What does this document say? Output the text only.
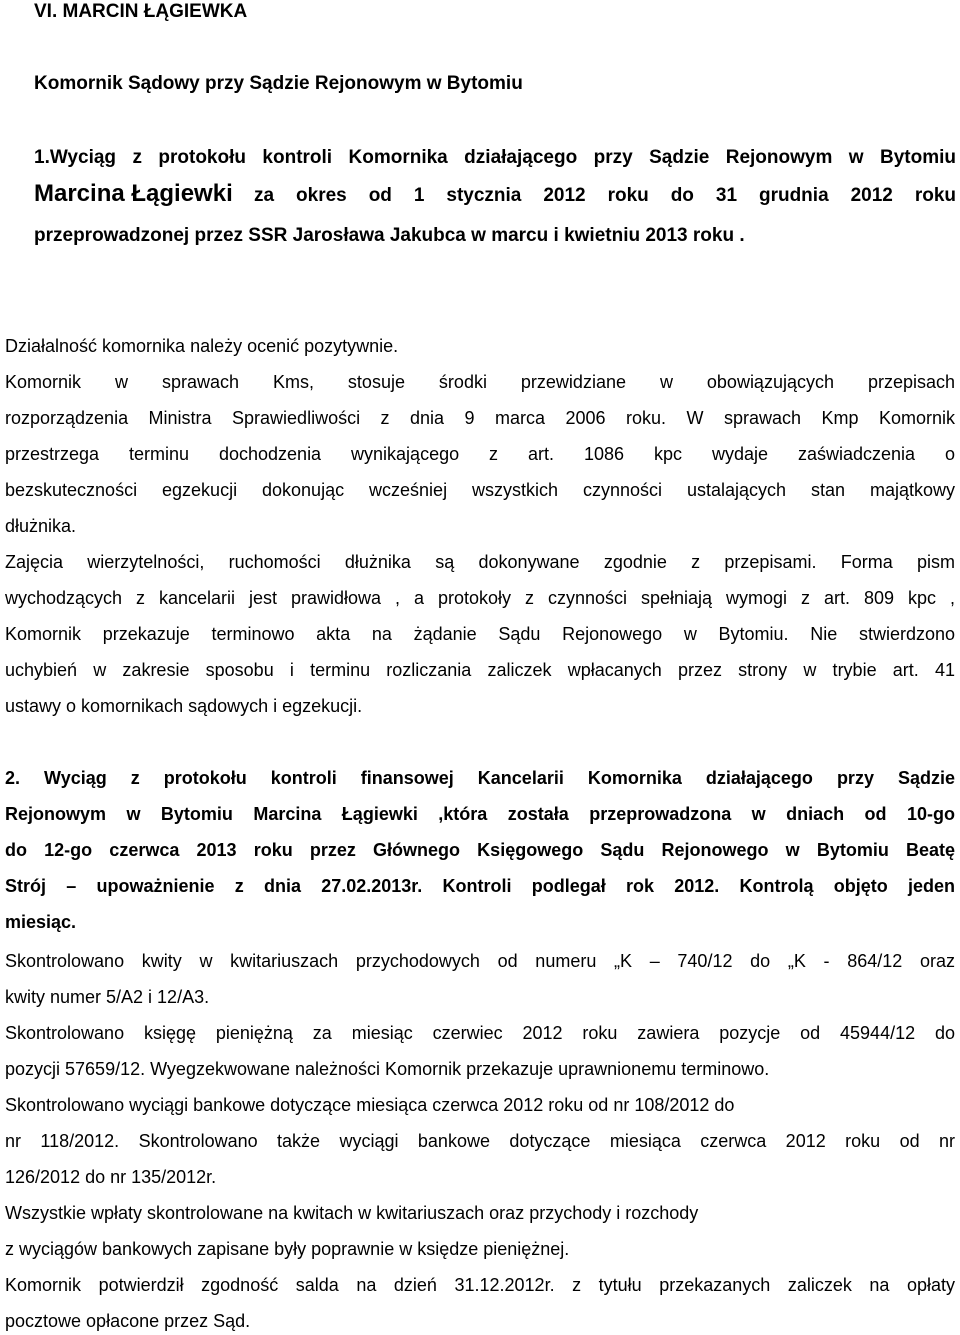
VI. MARCIN ŁĄGIEWKA
Komornik Sądowy przy Sądzie Rejonowym w Bytomiu
1.Wyciąg z protokołu kontroli Komornika działającego przy Sądzie Rejonowym w Bytomiu
Marcina Łągiewki za okres od 1 stycznia 2012 roku do 31 grudnia 2012 roku
przeprowadzonej przez SSR Jarosława Jakubca w marcu i kwietniu 2013 roku .
Działalność komornika należy ocenić pozytywnie.
Komornik w sprawach Kms, stosuje środki przewidziane w obowiązujących przepisach
rozporządzenia Ministra Sprawiedliwości z dnia 9 marca 2006 roku. W sprawach Kmp Komornik
przestrzega terminu dochodzenia wynikającego z art. 1086 kpc wydaje zaświadczenia o
bezskuteczności egzekucji dokonując wcześniej wszystkich czynności ustalających stan majątkowy
dłużnika.
Zajęcia wierzytelności, ruchomości dłużnika są dokonywane zgodnie z przepisami. Forma pism
wychodzących z kancelarii jest prawidłowa , a protokoły z czynności spełniają wymogi z art. 809 kpc ,
Komornik przekazuje terminowo akta na żądanie Sądu Rejonowego w Bytomiu. Nie stwierdzono
uchybień w zakresie sposobu i terminu rozliczania zaliczek wpłacanych przez strony w trybie art. 41
ustawy o komornikach sądowych i egzekucji.
2. Wyciąg z protokołu kontroli finansowej Kancelarii Komornika działającego przy Sądzie
Rejonowym w Bytomiu Marcina Łągiewki ,która została przeprowadzona w dniach od 10-go
do 12-go czerwca 2013 roku przez Głównego Księgowego Sądu Rejonowego w Bytomiu Beatę
Strój – upoważnienie z dnia 27.02.2013r. Kontroli podlegał rok 2012. Kontrolą objęto jeden
miesiąc.
Skontrolowano kwity w kwitariuszach przychodowych od numeru „K – 740/12 do „K - 864/12 oraz
kwity numer 5/A2 i 12/A3.
Skontrolowano księgę pieniężną za miesiąc czerwiec 2012 roku zawiera pozycje od 45944/12 do
pozycji 57659/12. Wyegzekwowane należności Komornik przekazuje uprawnionemu terminowo.
Skontrolowano wyciągi bankowe dotyczące miesiąca czerwca 2012 roku od nr 108/2012 do
nr 118/2012. Skontrolowano także wyciągi bankowe dotyczące miesiąca czerwca 2012 roku od nr
126/2012 do nr 135/2012r.
Wszystkie wpłaty skontrolowane na kwitach w kwitariuszach oraz przychody i rozchody
z wyciągów bankowych zapisane były poprawnie w księdze pieniężnej.
Komornik potwierdził zgodność salda na dzień 31.12.2012r. z tytułu przekazanych zaliczek na opłaty
pocztowe opłacone przez Sąd.
